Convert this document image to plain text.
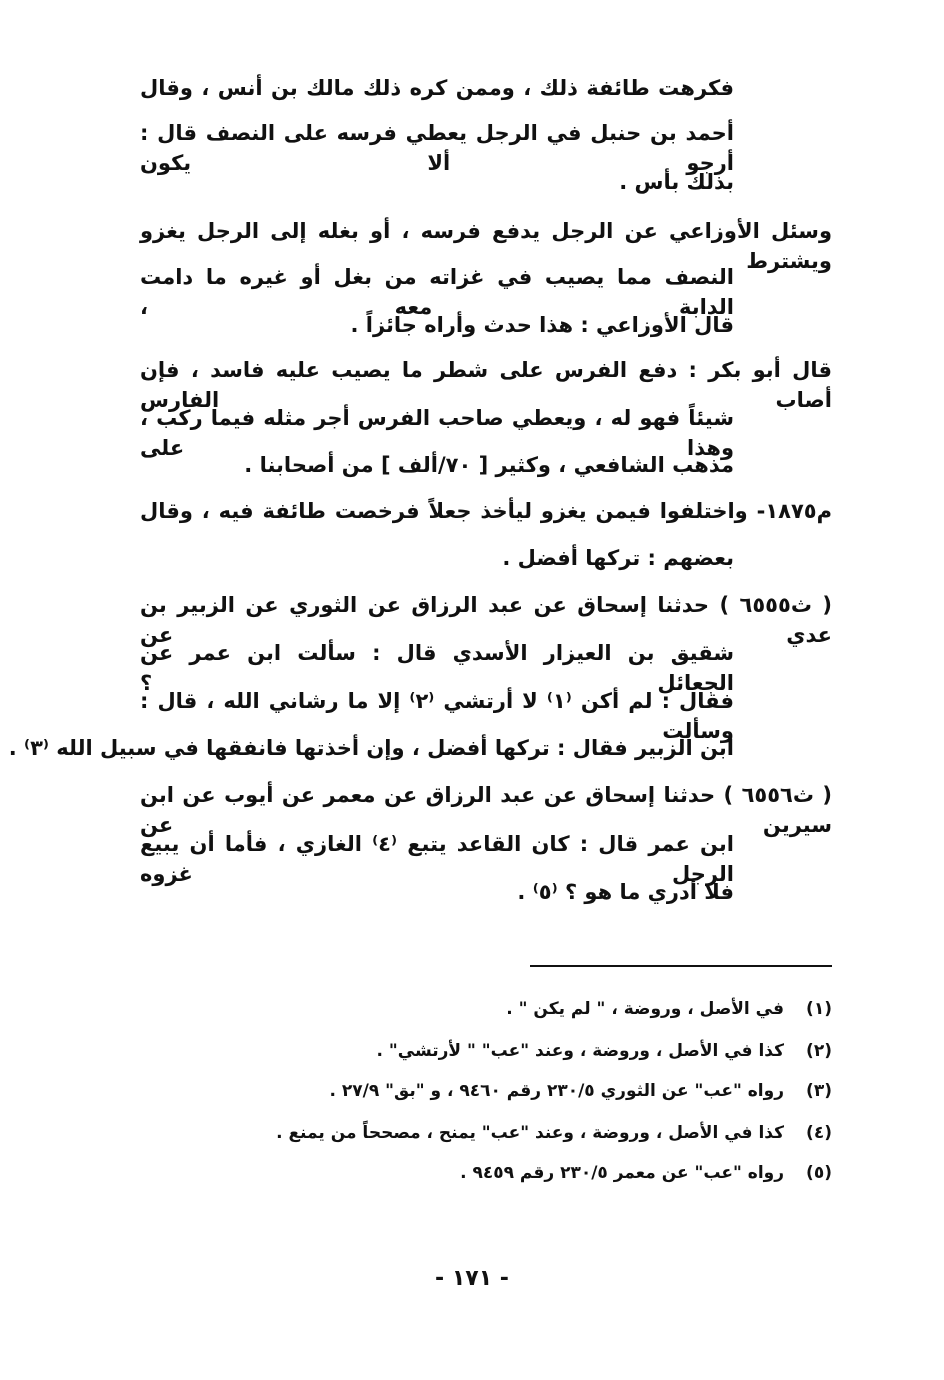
فكرهت طائفة ذلك ، وممن كره ذلك مالك بن أنس ، وقال
أحمد بن حنبل في الرجل يعطي فرسه على النصف قال : أرجو ألا يكون
بذلك بأس .
وسئل الأوزاعي عن الرجل يدفع فرسه ، أو بغله إلى الرجل يغزو ويشترط
النصف مما يصيب في غزاته من بغل أو غيره ما دامت الدابة معه ،
قال الأوزاعي : هذا حدث وأراه جائزاً .
قال أبو بكر : دفع الفرس على شطر ما يصيب عليه فاسد ، فإن أصاب الفارس
شيئاً فهو له ، ويعطي صاحب الفرس أجر مثله فيما ركب ، وهذا على
مذهب الشافعي ، وكثير [ ٧٠/ألف ] من أصحابنا .
م١٨٧٥- واختلفوا فيمن يغزو ليأخذ جعلاً فرخصت طائفة فيه ، وقال
بعضهم : تركها أفضل .
( ث٦٥٥٥ ) حدثنا إسحاق عن عبد الرزاق عن الثوري عن الزبير بن عدي عن
شقيق بن العيزار الأسدي قال : سألت ابن عمر عن الجعائل ؟
فقال : لم أكن ⁽١⁾ لا أرتشي ⁽٢⁾ إلا ما رشاني الله ، قال : وسألت
ابن الزبير فقال : تركها أفضل ، وإن أخذتها فانفقها في سبيل الله ⁽٣⁾ .
( ث٦٥٥٦ ) حدثنا إسحاق عن عبد الرزاق عن معمر عن أيوب عن ابن سيرين عن
ابن عمر قال : كان القاعد يتبع ⁽٤⁾ الغازي ، فأما أن يبيع الرجل غزوه
فلا أدري ما هو ؟ ⁽٥⁾ .
(١)
في الأصل ، وروضة ، " لم يكن " .
(٢)
كذا في الأصل ، وروضة ، وعند "عب" " لأرتشي" .
(٣)
رواه "عب" عن الثوري ٢٣٠/٥ رقم ٩٤٦٠ ، و "بق" ٢٧/٩ .
(٤)
كذا في الأصل ، وروضة ، وعند "عب" يمنح ، مصححاً من يمنع .
(٥)
رواه "عب" عن معمر ٢٣٠/٥ رقم ٩٤٥٩ .
- ١٧١ -
